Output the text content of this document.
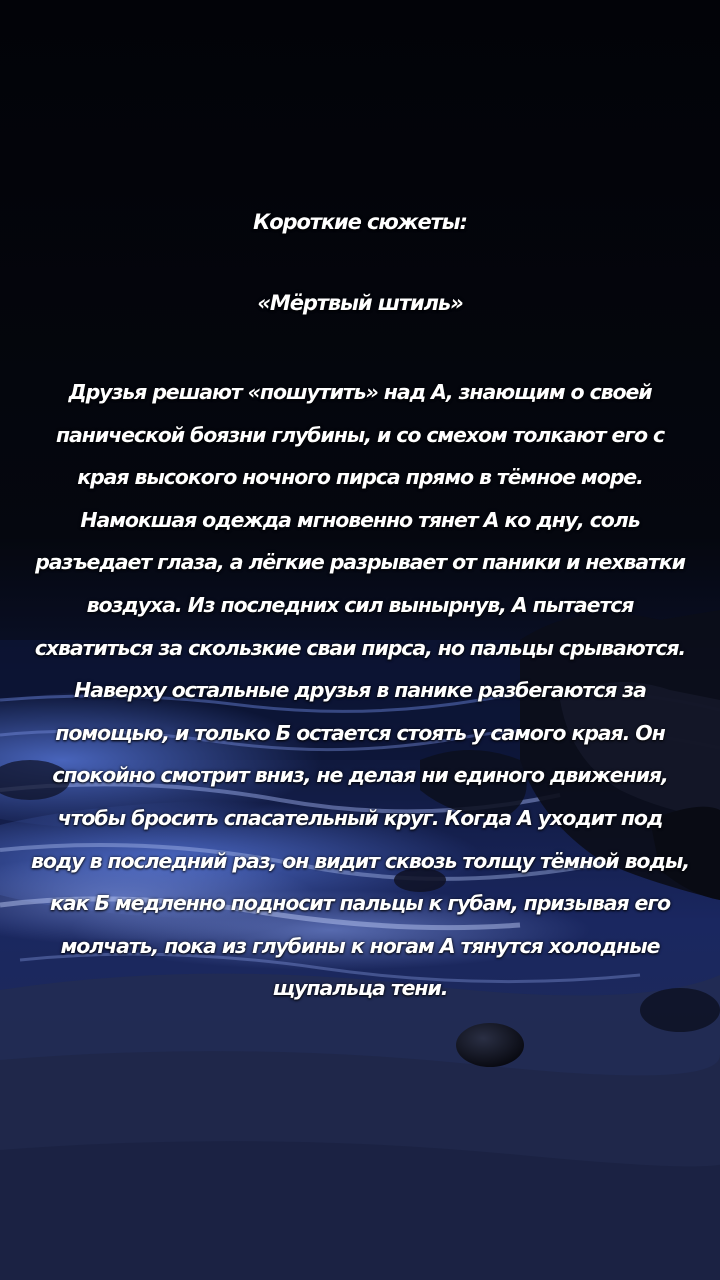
Короткие сюжеты:

«Мёртвый штиль»

Друзья решают «пошутить» над А, знающим о своей панической боязни глубины, и со смехом толкают его с края высокого ночного пирса прямо в тёмное море. Намокшая одежда мгновенно тянет А ко дну, соль разъедает глаза, а лёгкие разрывает от паники и нехватки воздуха. Из последних сил вынырнув, А пытается схватиться за скользкие сваи пирса, но пальцы срываются. Наверху остальные друзья в панике разбегаются за помощью, и только Б остается стоять у самого края. Он спокойно смотрит вниз, не делая ни единого движения, чтобы бросить спасательный круг. Когда А уходит под воду в последний раз, он видит сквозь толщу тёмной воды, как Б медленно подносит пальцы к губам, призывая его молчать, пока из глубины к ногам А тянутся холодные щупальца тени.
